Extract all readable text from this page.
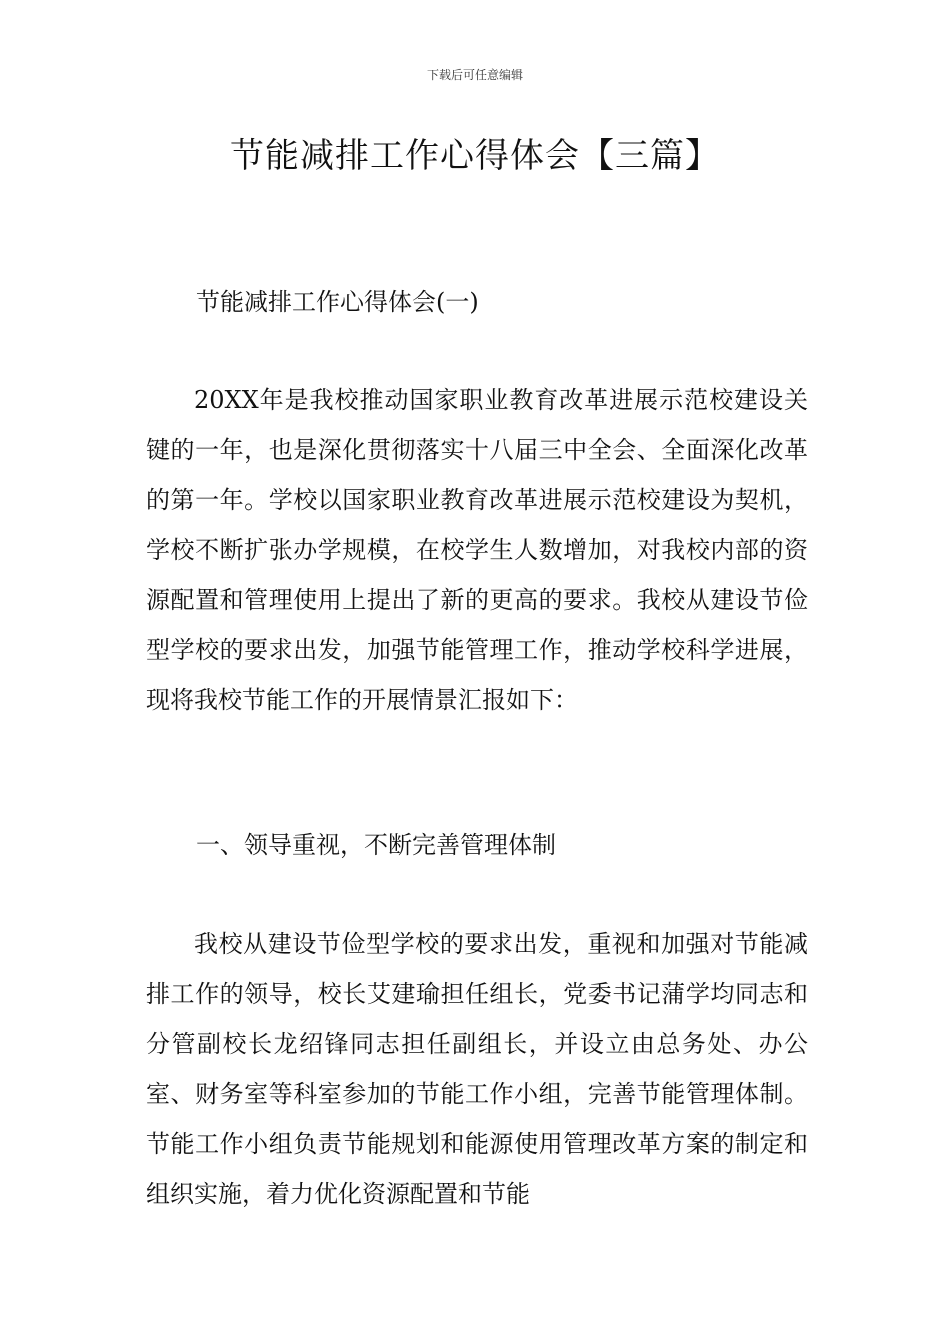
下载后可任意编辑
节能减排工作心得体会【三篇】
节能减排工作心得体会(一)

20XX年是我校推动国家职业教育改革进展示范校建设关键的一年，也是深化贯彻落实十八届三中全会、全面深化改革的第一年。学校以国家职业教育改革进展示范校建设为契机，学校不断扩张办学规模，在校学生人数增加，对我校内部的资源配置和管理使用上提出了新的更高的要求。我校从建设节俭型学校的要求出发，加强节能管理工作，推动学校科学进展，现将我校节能工作的开展情景汇报如下：

一、领导重视，不断完善管理体制

我校从建设节俭型学校的要求出发，重视和加强对节能减排工作的领导，校长艾建瑜担任组长，党委书记蒲学均同志和分管副校长龙绍锋同志担任副组长，并设立由总务处、办公室、财务室等科室参加的节能工作小组，完善节能管理体制。节能工作小组负责节能规划和能源使用管理改革方案的制定和组织实施，着力优化资源配置和节能
